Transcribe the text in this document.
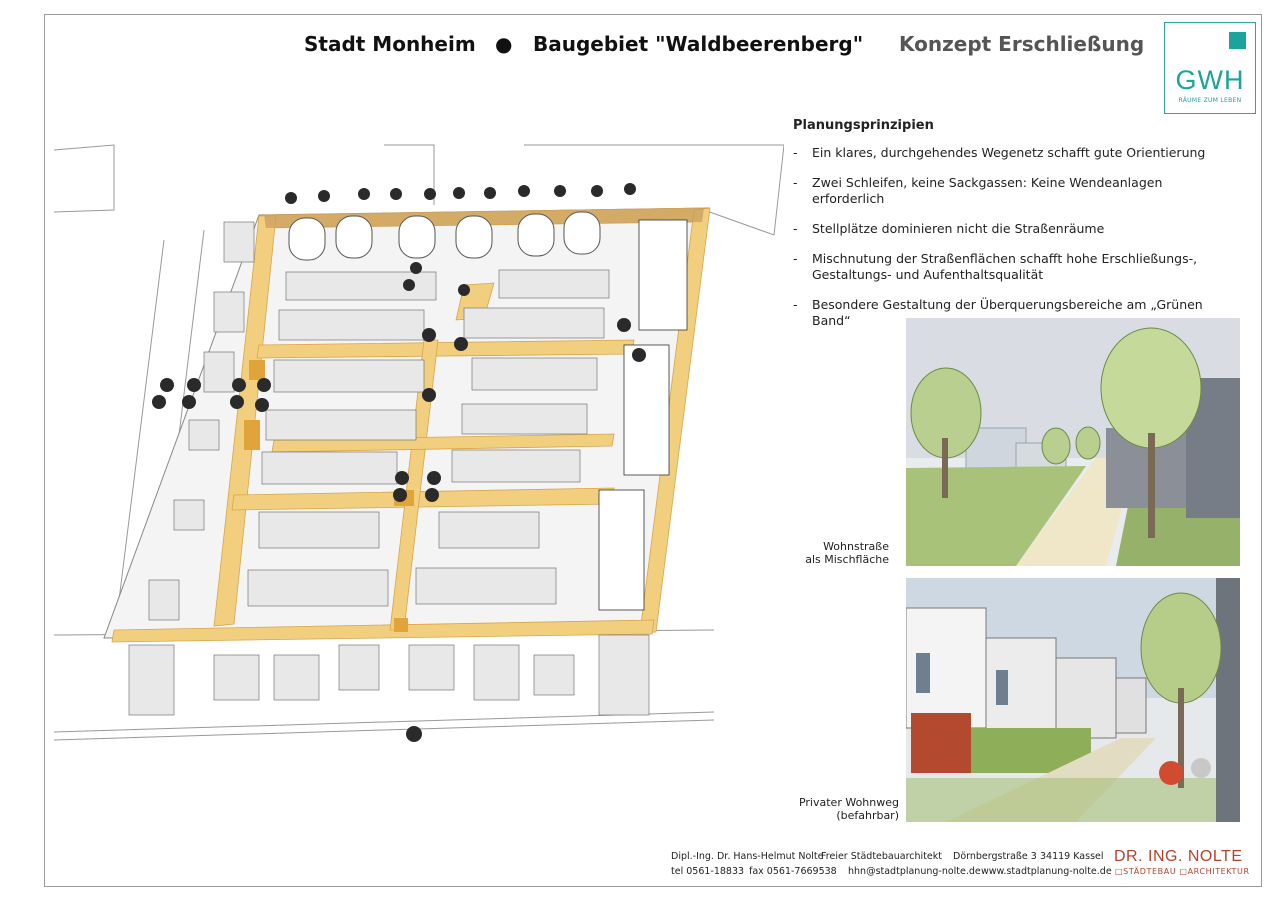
Stadt Monheim ● Baugebiet "Waldbeerenberg" Konzept Erschließung
GWH
RÄUME ZUM LEBEN
Planungsprinzipien
- Ein klares, durchgehendes Wegenetz schafft gute Orientierung
- Zwei Schleifen, keine Sackgassen: Keine Wendeanlagen erforderlich
- Stellplätze dominieren nicht die Straßenräume
- Mischnutung der Straßenflächen schafft hohe Erschließungs-, Gestaltungs- und Aufenthaltsqualität
- Besondere Gestaltung der Überquerungsbereiche am „Grünen Band“
Wohnstraße
als Mischfläche
Privater Wohnweg
(befahrbar)
Dipl.-Ing. Dr. Hans-Helmut Nolte
Freier Städtebauarchitekt Dörnbergstraße 3 34119 Kassel
tel 0561-18833 fax 0561-7669538 hhn@stadtplanung-nolte.de www.stadtplanung-nolte.de
DR. ING. NOLTE
□STÄDTEBAU □ARCHITEKTUR
